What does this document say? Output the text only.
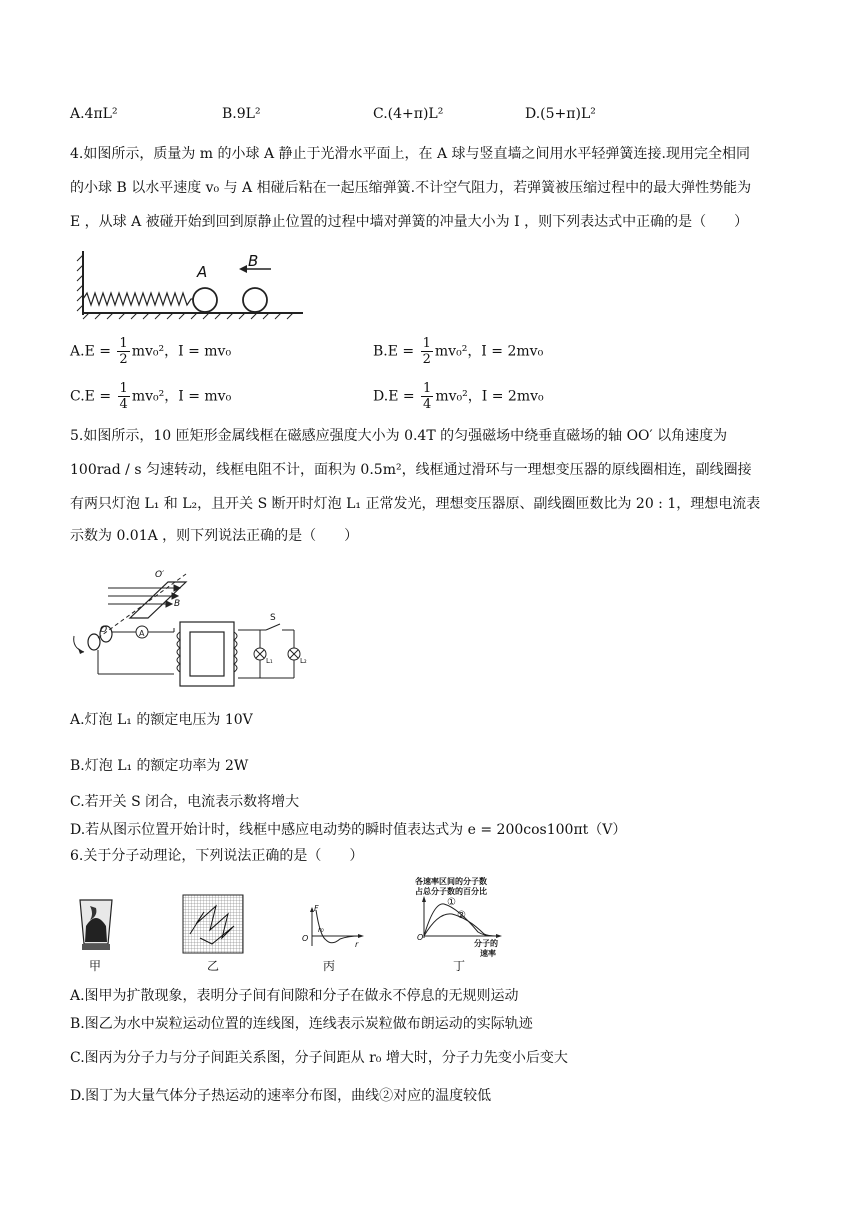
A.4πL²	B.9L²	C.(4+π)L²	D.(5+π)L²
4.如图所示，质量为 m 的小球 A 静止于光滑水平面上，在 A 球与竖直墙之间用水平轻弹簧连接.现用完全相同
的小球 B 以水平速度 v₀ 与 A 相碰后粘在一起压缩弹簧.不计空气阻力，若弹簧被压缩过程中的最大弹性势能为
E ，从球 A 被碰开始到回到原静止位置的过程中墙对弹簧的冲量大小为 I ，则下列表达式中正确的是（　　）
A
B
$A.E = \frac{1}{2} mv_0^2$，I = mv₀	$B.E = \frac{1}{2} mv_0^2$，I = 2mv₀
$C.E = \frac{1}{4} mv_0^2$，I = mv₀	$D.E = \frac{1}{4} mv_0^2$，I = 2mv₀
5.如图所示，10 匝矩形金属线框在磁感应强度大小为 0.4T 的匀强磁场中绕垂直磁场的轴 OO′ 以角速度为
100rad / s 匀速转动，线框电阻不计，面积为 0.5m²，线框通过滑环与一理想变压器的原线圈相连，副线圈接
有两只灯泡 L₁ 和 L₂，且开关 S 断开时灯泡 L₁ 正常发光，理想变压器原、副线圈匝数比为 20 : 1，理想电流表
示数为 0.01A ，则下列说法正确的是（　　）
A
O′
O
B
S
L₁	L₂
A.灯泡 L₁ 的额定电压为 10V
B.灯泡 L₁ 的额定功率为 2W
C.若开关 S 闭合，电流表示数将增大
D.若从图示位置开始计时，线框中感应电动势的瞬时值表达式为 e = 200cos100πt（V）
6.关于分子动理论，下列说法正确的是（　　）
甲	乙
F
O
r₀
r
丙
各速率区间的分子数
占总分子数的百分比
①
②
O
分子的
速率
丁
A.图甲为扩散现象，表明分子间有间隙和分子在做永不停息的无规则运动
B.图乙为水中炭粒运动位置的连线图，连线表示炭粒做布朗运动的实际轨迹
C.图丙为分子力与分子间距关系图，分子间距从 r₀ 增大时，分子力先变小后变大
D.图丁为大量气体分子热运动的速率分布图，曲线②对应的温度较低
